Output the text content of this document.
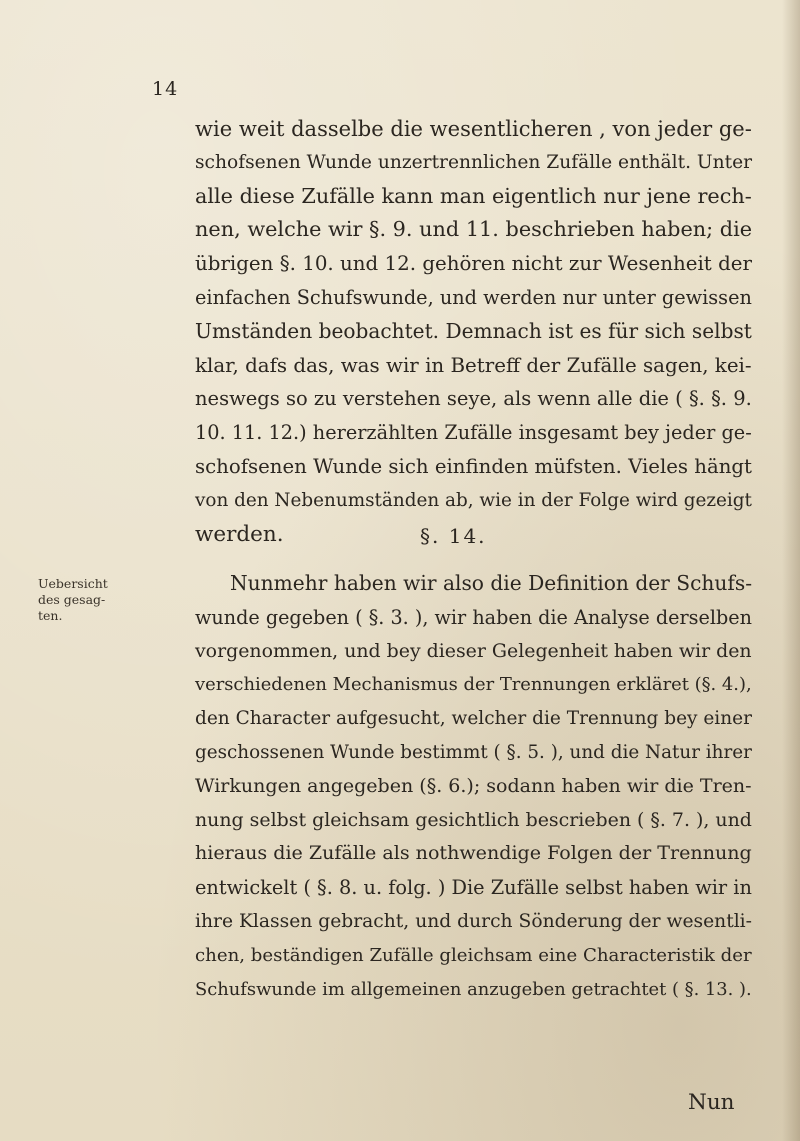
14
wie weit dasselbe die wesentlicheren , von jeder ge-
schofsenen Wunde unzertrennlichen Zufälle enthält. Unter
alle diese Zufälle kann man eigentlich nur jene rech-
nen, welche wir §. 9. und 11. beschrieben haben; die
übrigen §. 10. und 12. gehören nicht zur Wesenheit der
einfachen Schufswunde, und werden nur unter gewissen
Umständen beobachtet. Demnach ist es für sich selbst
klar, dafs das, was wir in Betreff der Zufälle sagen, kei-
neswegs so zu verstehen seye, als wenn alle die ( §. §. 9.
10. 11. 12.) hererzählten Zufälle insgesamt bey jeder ge-
schofsenen Wunde sich einfinden müfsten. Vieles hängt
von den Nebenumständen ab, wie in der Folge wird gezeigt
werden.	§. 14.
Uebersicht
des gesag-
ten.
Nunmehr haben wir also die Definition der Schufs-
wunde gegeben ( §. 3. ), wir haben die Analyse derselben
vorgenommen, und bey dieser Gelegenheit haben wir den
verschiedenen Mechanismus der Trennungen erkläret (§. 4.),
den Character aufgesucht, welcher die Trennung bey einer
geschossenen Wunde bestimmt ( §. 5. ), und die Natur ihrer
Wirkungen angegeben (§. 6.); sodann haben wir die Tren-
nung selbst gleichsam gesichtlich bescrieben ( §. 7. ), und
hieraus die Zufälle als nothwendige Folgen der Trennung
entwickelt ( §. 8. u. folg. ) Die Zufälle selbst haben wir in
ihre Klassen gebracht, und durch Sönderung der wesentli-
chen, beständigen Zufälle gleichsam eine Characteristik der
Schufswunde im allgemeinen anzugeben getrachtet ( §. 13. ).
Nun
